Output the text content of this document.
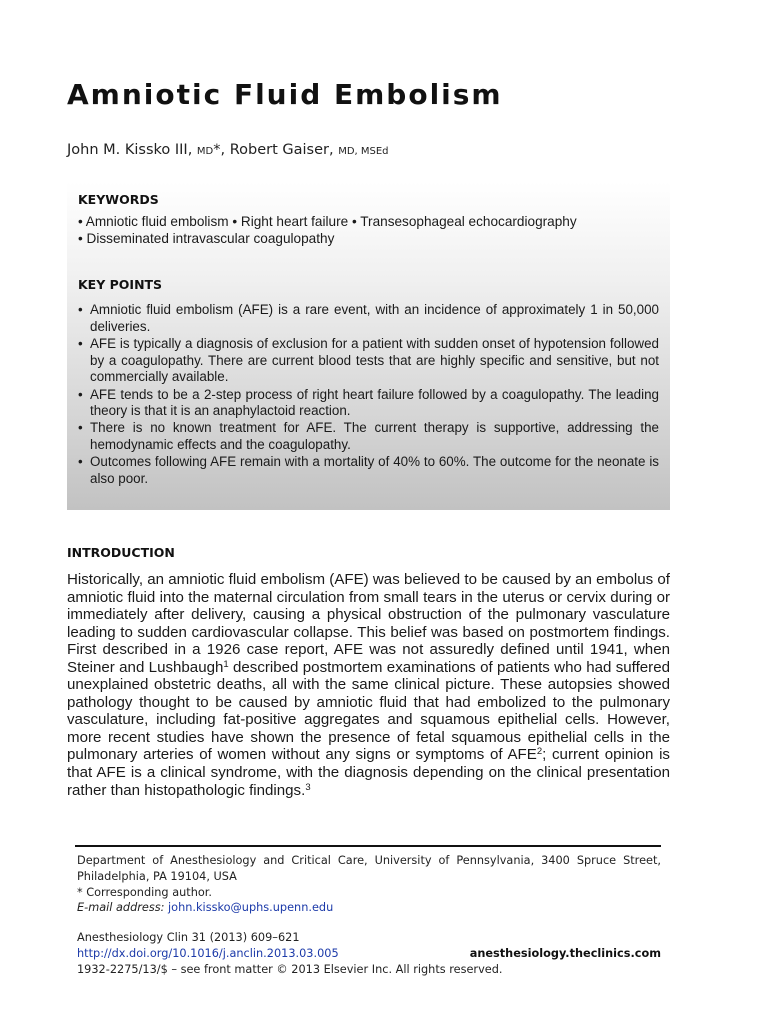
Amniotic Fluid Embolism
John M. Kissko III, MD*, Robert Gaiser, MD, MSEd
KEYWORDS

• Amniotic fluid embolism • Right heart failure • Transesophageal echocardiography

• Disseminated intravascular coagulopathy

KEY POINTS
• Amniotic fluid embolism (AFE) is a rare event, with an incidence of approximately 1 in 50,000 deliveries.
• AFE is typically a diagnosis of exclusion for a patient with sudden onset of hypotension followed by a coagulopathy. There are current blood tests that are highly specific and sensitive, but not commercially available.
• AFE tends to be a 2-step process of right heart failure followed by a coagulopathy. The leading theory is that it is an anaphylactoid reaction.
• There is no known treatment for AFE. The current therapy is supportive, addressing the hemodynamic effects and the coagulopathy.
• Outcomes following AFE remain with a mortality of 40% to 60%. The outcome for the neonate is also poor.
INTRODUCTION

Historically, an amniotic fluid embolism (AFE) was believed to be caused by an embolus of amniotic fluid into the maternal circulation from small tears in the uterus or cervix during or immediately after delivery, causing a physical obstruction of the pulmonary vasculature leading to sudden cardiovascular collapse. This belief was based on postmortem findings. First described in a 1926 case report, AFE was not assuredly defined until 1941, when Steiner and Lushbaugh$^1$ described postmortem examinations of patients who had suffered unexplained obstetric deaths, all with the same clinical picture. These autopsies showed pathology thought to be caused by amniotic fluid that had embolized to the pulmonary vasculature, including fat-positive aggregates and squamous epithelial cells. However, more recent studies have shown the presence of fetal squamous epithelial cells in the pulmonary arteries of women without any signs or symptoms of AFE$^2$; current opinion is that AFE is a clinical syndrome, with the diagnosis depending on the clinical presentation rather than histopathologic findings.$^3$

Department of Anesthesiology and Critical Care, University of Pennsylvania, 3400 Spruce Street, Philadelphia, PA 19104, USA

* Corresponding author.

E-mail address: john.kissko@uphs.upenn.edu

Anesthesiology Clin 31 (2013) 609–621

http://dx.doi.org/10.1016/j.anclin.2013.03.005	anesthesiology.theclinics.com

1932-2275/13/$ – see front matter © 2013 Elsevier Inc. All rights reserved.
